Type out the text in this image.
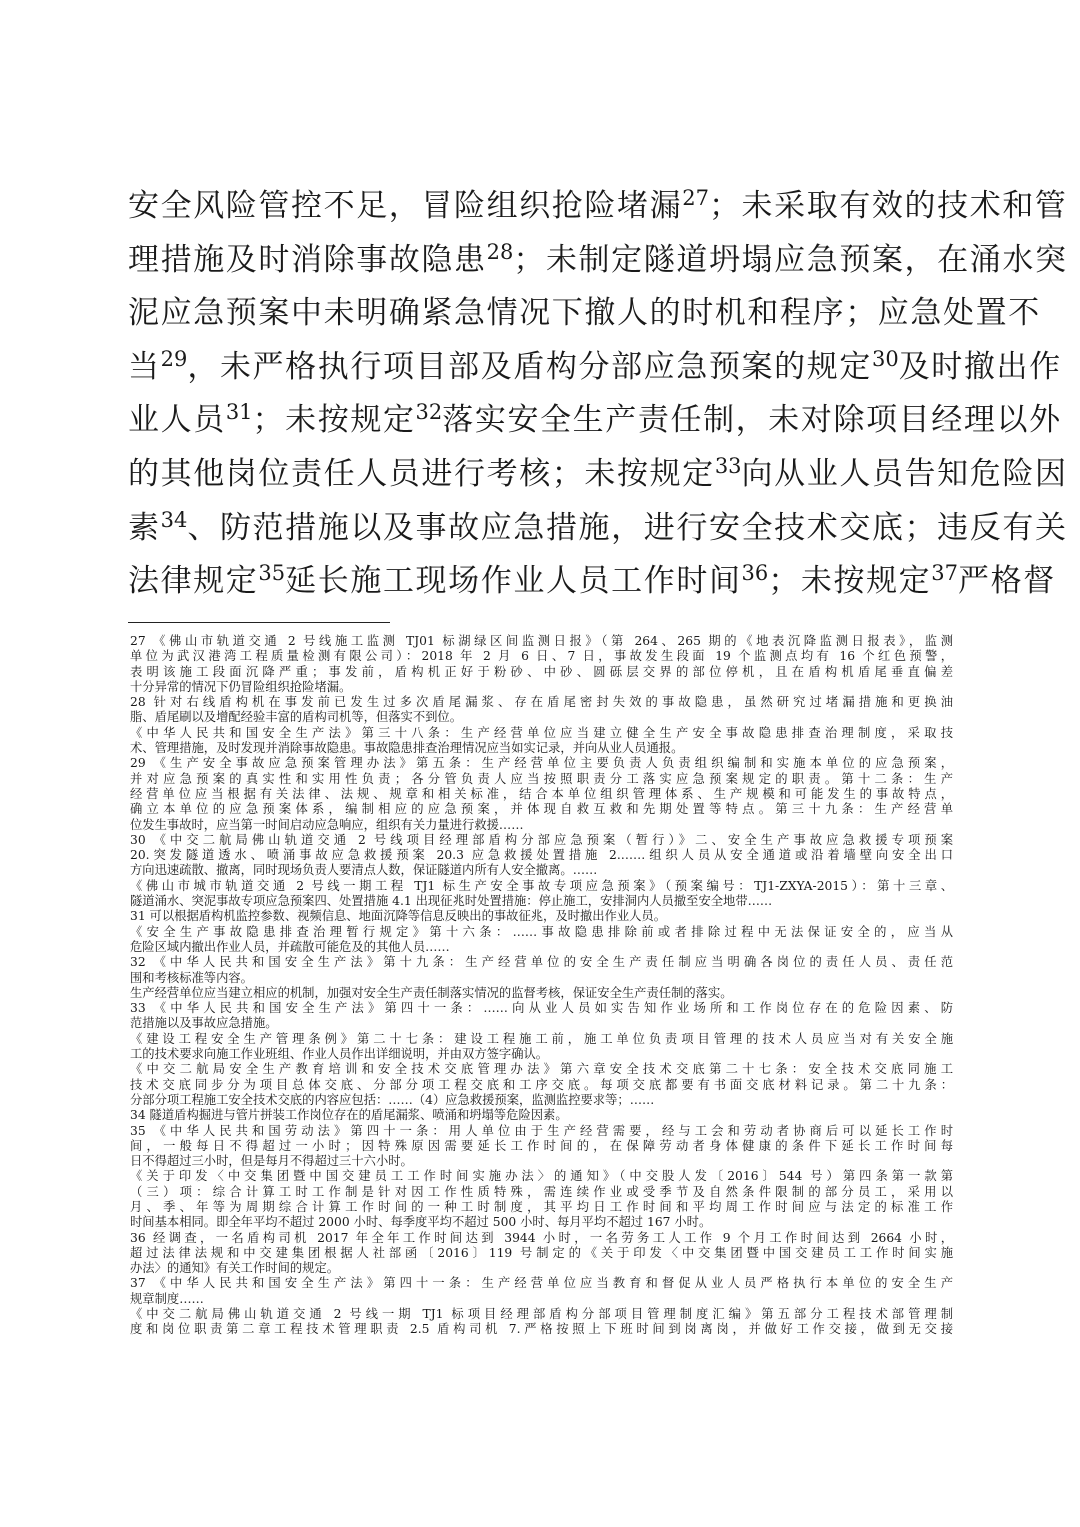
安全风险管控不足，冒险组织抢险堵漏$^{27}$；未采取有效的技术和管
理措施及时消除事故隐患$^{28}$；未制定隧道坍塌应急预案，在涌水突
泥应急预案中未明确紧急情况下撤人的时机和程序；应急处置不
当$^{29}$，未严格执行项目部及盾构分部应急预案的规定$^{30}$及时撤出作
业人员$^{31}$；未按规定$^{32}$落实安全生产责任制，未对除项目经理以外
的其他岗位责任人员进行考核；未按规定$^{33}$向从业人员告知危险因
素$^{34}$、防范措施以及事故应急措施，进行安全技术交底；违反有关
法律规定$^{35}$延长施工现场作业人员工作时间$^{36}$；未按规定$^{37}$严格督
27 《佛山市轨道交通 2 号线施工监测 TJ01 标湖绿区间监测日报》（第 264、265 期的《地表沉降监测日报表》，监测
单位为武汉港湾工程质量检测有限公司）：2018 年 2 月 6 日、7 日，事故发生段面 19 个监测点均有 16 个红色预警，
表明该施工段面沉降严重；事发前，盾构机正好于粉砂、中砂、圆砾层交界的部位停机，且在盾构机盾尾垂直偏差
十分异常的情况下仍冒险组织抢险堵漏。
28 针对右线盾构机在事发前已发生过多次盾尾漏浆、存在盾尾密封失效的事故隐患，虽然研究过堵漏措施和更换油
脂、盾尾刷以及增配经验丰富的盾构司机等，但落实不到位。
《中华人民共和国安全生产法》第三十八条：生产经营单位应当建立健全生产安全事故隐患排查治理制度，采取技
术、管理措施，及时发现并消除事故隐患。事故隐患排查治理情况应当如实记录，并向从业人员通报。
29 《生产安全事故应急预案管理办法》第五条：生产经营单位主要负责人负责组织编制和实施本单位的应急预案，
并对应急预案的真实性和实用性负责；各分管负责人应当按照职责分工落实应急预案规定的职责。第十二条：生产
经营单位应当根据有关法律、法规、规章和相关标准，结合本单位组织管理体系、生产规模和可能发生的事故特点，
确立本单位的应急预案体系，编制相应的应急预案，并体现自救互救和先期处置等特点。第三十九条：生产经营单
位发生事故时，应当第一时间启动应急响应，组织有关力量进行救援……
30 《中交二航局佛山轨道交通 2 号线项目经理部盾构分部应急预案（暂行）》二、安全生产事故应急救援专项预案
20.突发隧道透水、喷涌事故应急救援预案 20.3 应急救援处置措施 2.……组织人员从安全通道或沿着墙壁向安全出口
方向迅速疏散、撤离，同时现场负责人要清点人数，保证隧道内所有人安全撤离。……
《佛山市城市轨道交通 2 号线一期工程 TJ1 标生产安全事故专项应急预案》（预案编号：TJ1-ZXYA-2015）：第十三章、
隧道涌水、突泥事故专项应急预案四、处置措施 4.1 出现征兆时处置措施：停止施工，安排洞内人员撤至安全地带……
31 可以根据盾构机监控参数、视频信息、地面沉降等信息反映出的事故征兆，及时撤出作业人员。
《安全生产事故隐患排查治理暂行规定》第十六条：……事故隐患排除前或者排除过程中无法保证安全的，应当从
危险区域内撤出作业人员，并疏散可能危及的其他人员……
32 《中华人民共和国安全生产法》第十九条：生产经营单位的安全生产责任制应当明确各岗位的责任人员、责任范
围和考核标准等内容。
生产经营单位应当建立相应的机制，加强对安全生产责任制落实情况的监督考核，保证安全生产责任制的落实。
33 《中华人民共和国安全生产法》第四十一条：……向从业人员如实告知作业场所和工作岗位存在的危险因素、防
范措施以及事故应急措施。
《建设工程安全生产管理条例》第二十七条：建设工程施工前，施工单位负责项目管理的技术人员应当对有关安全施
工的技术要求向施工作业班组、作业人员作出详细说明，并由双方签字确认。
《中交二航局安全生产教育培训和安全技术交底管理办法》第六章安全技术交底第二十七条：安全技术交底同施工
技术交底同步分为项目总体交底、分部分项工程交底和工序交底。每项交底都要有书面交底材料记录。第二十九条：
分部分项工程施工安全技术交底的内容应包括：……（4）应急救援预案，监测监控要求等；……
34 隧道盾构掘进与管片拼装工作岗位存在的盾尾漏浆、喷涌和坍塌等危险因素。
35 《中华人民共和国劳动法》第四十一条：用人单位由于生产经营需要，经与工会和劳动者协商后可以延长工作时
间，一般每日不得超过一小时；因特殊原因需要延长工作时间的，在保障劳动者身体健康的条件下延长工作时间每
日不得超过三小时，但是每月不得超过三十六小时。
《关于印发〈中交集团暨中国交建员工工作时间实施办法〉的通知》（中交股人发〔2016〕544 号）第四条第一款第
（三）项：综合计算工时工作制是针对因工作性质特殊，需连续作业或受季节及自然条件限制的部分员工，采用以
月、季、年等为周期综合计算工作时间的一种工时制度，其平均日工作时间和平均周工作时间应与法定的标准工作
时间基本相同。即全年平均不超过 2000 小时、每季度平均不超过 500 小时、每月平均不超过 167 小时。
36 经调查，一名盾构司机 2017 年全年工作时间达到 3944 小时，一名劳务工人工作 9 个月工作时间达到 2664 小时，
超过法律法规和中交建集团根据人社部函〔2016〕119 号制定的《关于印发〈中交集团暨中国交建员工工作时间实施
办法〉的通知》有关工作时间的规定。
37 《中华人民共和国安全生产法》第四十一条：生产经营单位应当教育和督促从业人员严格执行本单位的安全生产
规章制度……
《中交二航局佛山轨道交通 2 号线一期 TJ1 标项目经理部盾构分部项目管理制度汇编》第五部分工程技术部管理制
度和岗位职责第二章工程技术管理职责 2.5 盾构司机 7.严格按照上下班时间到岗离岗，并做好工作交接，做到无交接
